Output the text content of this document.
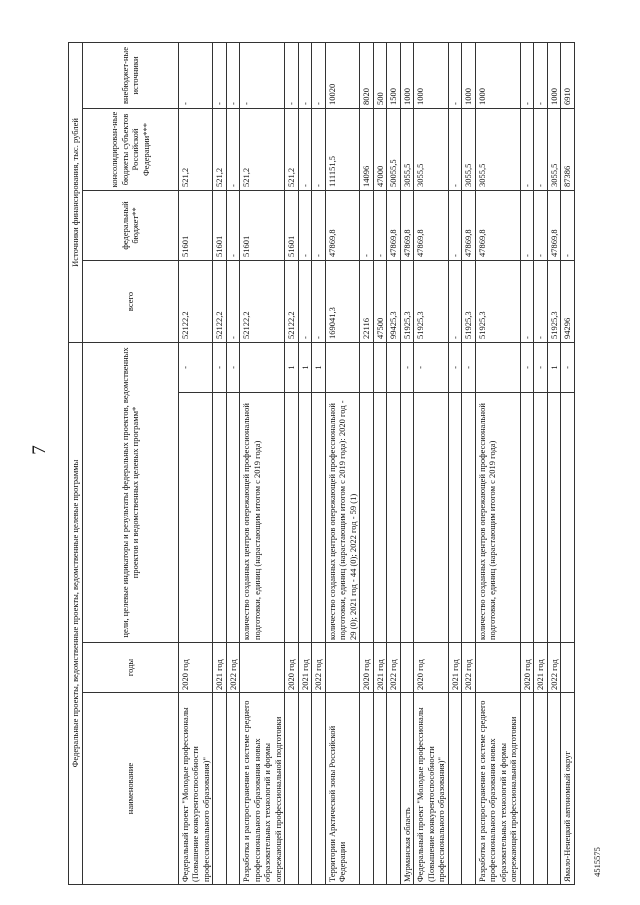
7
4515575
Федеральные проекты, ведомственные проекты, ведомственные целевые программы				Источники финансирования, тыс. рублей			
наименование	годы	цели, целевые индикаторы и результаты федеральных проектов, ведомственных проектов и ведомственных целевых программ*		всего	федеральный бюджет**	консолидирован-ные бюджеты субъектов Российской Федерации***	внебюджет-ные источники
Федеральный проект "Молодые профессионалы (Повышение конкурентоспособности профессионального образования)"	2020 год		-	52122,2	51601	521,2	-
	2021 год		-	52122,2	51601	521,2	-
	2022 год		-	-	-	-	-
Разработка и распространение в системе среднего профессионального образования новых образовательных технологий и формы опережающей профессиональной подготовки		количество созданных центров опережающей профессиональной подготовки, единиц (нарастающим итогом с 2019 года)		52122,2	51601	521,2	-
	2020 год		1	52122,2	51601	521,2	-
	2021 год		1	-	-	-	-
	2022 год		1	-	-	-	-
Территории Арктической зоны Российской Федерации		количество созданных центров опережающей профессиональной подготовки, единиц (нарастающим итогом с 2019 года): 2020 год - 29 (0); 2021 год - 44 (0); 2022 год - 59 (1)		169041,3	47869,8	111151,5	10020
	2020 год			22116	-	14096	8020
	2021 год			47500	-	47000	500
	2022 год			99425,3	47869,8	50055,5	1500
Мурманская область			-	51925,3	47869,8	3055,5	1000
Федеральный проект "Молодые профессионалы (Повышение конкурентоспособности профессионального образования)"	2020 год		-	51925,3	47869,8	3055,5	1000
	2021 год		-	-	-	-	-
	2022 год		-	51925,3	47869,8	3055,5	1000
Разработка и распространение в системе среднего профессионального образования новых образовательных технологий и формы опережающей профессиональной подготовки		количество созданных центров опережающей профессиональной подготовки, единиц (нарастающим итогом с 2019 года)		51925,3	47869,8	3055,5	1000
	2020 год		-	-	-	-	-
	2021 год		-	-	-	-	-
	2022 год		1	51925,3	47869,8	3055,5	1000
Ямало-Ненецкий автономный округ			-	94296	-	87386	6910
